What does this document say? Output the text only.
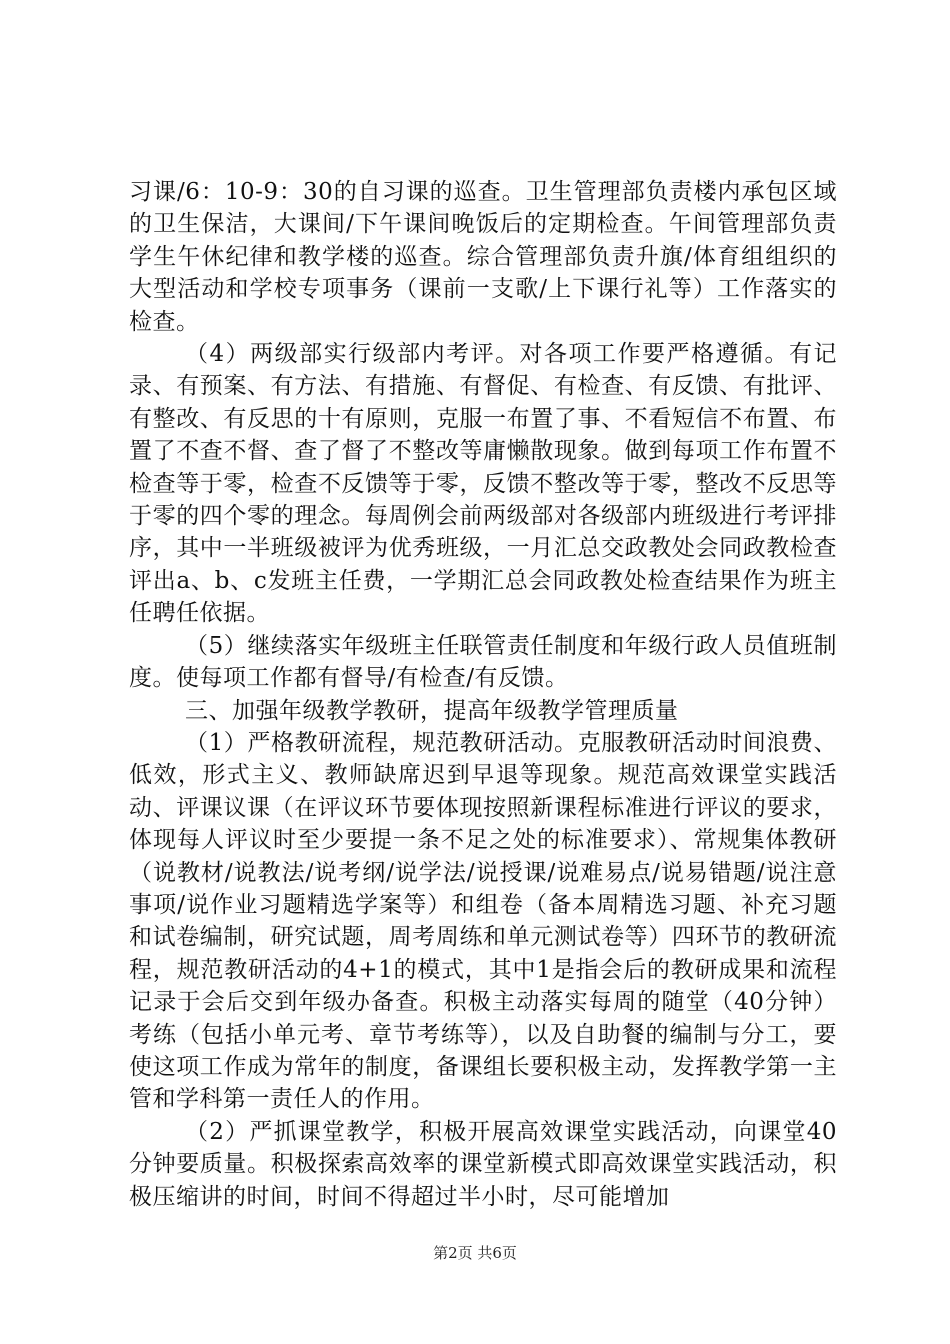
习课/6：10-9：30的自习课的巡查。卫生管理部负责楼内承包区域的卫生保洁，大课间/下午课间晚饭后的定期检查。午间管理部负责学生午休纪律和教学楼的巡查。综合管理部负责升旗/体育组组织的大型活动和学校专项事务（课前一支歌/上下课行礼等）工作落实的检查。

（4）两级部实行级部内考评。对各项工作要严格遵循。有记录、有预案、有方法、有措施、有督促、有检查、有反馈、有批评、有整改、有反思的十有原则，克服一布置了事、不看短信不布置、布置了不查不督、查了督了不整改等庸懒散现象。做到每项工作布置不检查等于零，检查不反馈等于零，反馈不整改等于零，整改不反思等于零的四个零的理念。每周例会前两级部对各级部内班级进行考评排序，其中一半班级被评为优秀班级，一月汇总交政教处会同政教检查评出a、b、c发班主任费，一学期汇总会同政教处检查结果作为班主任聘任依据。

（5）继续落实年级班主任联管责任制度和年级行政人员值班制度。使每项工作都有督导/有检查/有反馈。

三、加强年级教学教研，提高年级教学管理质量

（1）严格教研流程，规范教研活动。克服教研活动时间浪费、低效，形式主义、教师缺席迟到早退等现象。规范高效课堂实践活动、评课议课（在评议环节要体现按照新课程标准进行评议的要求，体现每人评议时至少要提一条不足之处的标准要求）、常规集体教研（说教材/说教法/说考纲/说学法/说授课/说难易点/说易错题/说注意事项/说作业习题精选学案等）和组卷（备本周精选习题、补充习题和试卷编制，研究试题，周考周练和单元测试卷等）四环节的教研流程，规范教研活动的4+1的模式，其中1是指会后的教研成果和流程记录于会后交到年级办备查。积极主动落实每周的随堂（40分钟）考练（包括小单元考、章节考练等），以及自助餐的编制与分工，要使这项工作成为常年的制度，备课组长要积极主动，发挥教学第一主管和学科第一责任人的作用。

（2）严抓课堂教学，积极开展高效课堂实践活动，向课堂40分钟要质量。积极探索高效率的课堂新模式即高效课堂实践活动，积极压缩讲的时间，时间不得超过半小时，尽可能增加

第2页 共6页
